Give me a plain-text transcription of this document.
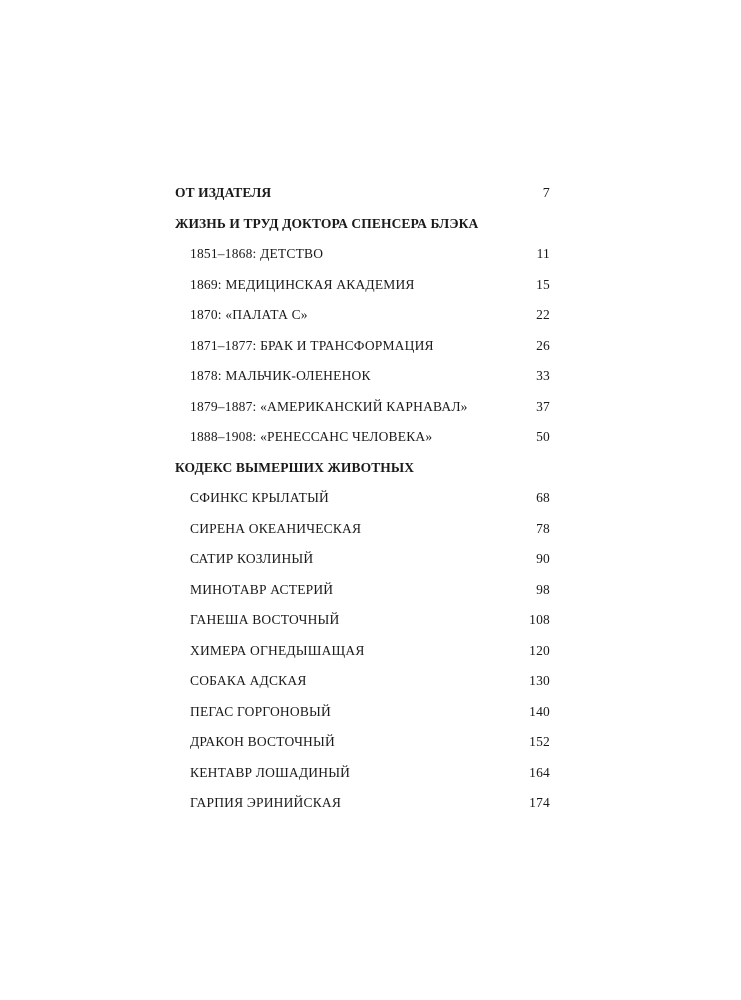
ОТ ИЗДАТЕЛЯ	7
ЖИЗНЬ И ТРУД ДОКТОРА СПЕНСЕРА БЛЭКА
1851–1868: ДЕТСТВО	11
1869: МЕДИЦИНСКАЯ АКАДЕМИЯ	15
1870: «ПАЛАТА С»	22
1871–1877: БРАК И ТРАНСФОРМАЦИЯ	26
1878: МАЛЬЧИК-ОЛЕНЕНОК	33
1879–1887: «АМЕРИКАНСКИЙ КАРНАВАЛ»	37
1888–1908: «РЕНЕССАНС ЧЕЛОВЕКА»	50
КОДЕКС ВЫМЕРШИХ ЖИВОТНЫХ
СФИНКС КРЫЛАТЫЙ	68
СИРЕНА ОКЕАНИЧЕСКАЯ	78
САТИР КОЗЛИНЫЙ	90
МИНОТАВР АСТЕРИЙ	98
ГАНЕША ВОСТОЧНЫЙ	108
ХИМЕРА ОГНЕДЫШАЩАЯ	120
СОБАКА АДСКАЯ	130
ПЕГАС ГОРГОНОВЫЙ	140
ДРАКОН ВОСТОЧНЫЙ	152
КЕНТАВР ЛОШАДИНЫЙ	164
ГАРПИЯ ЭРИНИЙСКАЯ	174
